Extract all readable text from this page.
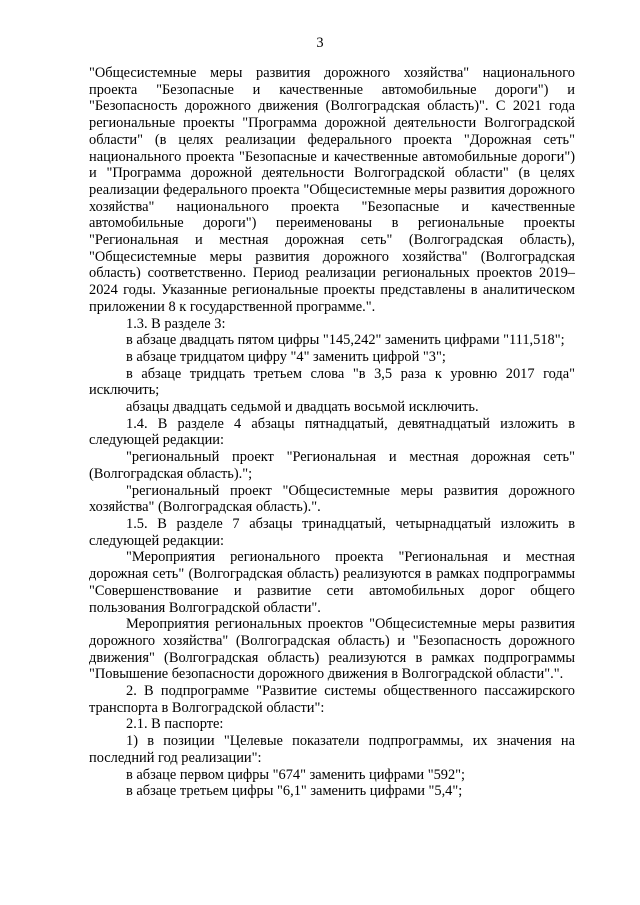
3

"Общесистемные меры развития дорожного хозяйства" национального проекта "Безопасные и качественные автомобильные дороги") и "Безопасность дорожного движения (Волгоградская область)". С 2021 года региональные проекты "Программа дорожной деятельности Волгоградской области" (в целях реализации федерального проекта "Дорожная сеть" национального проекта "Безопасные и качественные автомобильные дороги") и "Программа дорожной деятельности Волгоградской области" (в целях реализации федерального проекта "Общесистемные меры развития дорожного хозяйства" национального проекта "Безопасные и качественные автомобильные дороги") переименованы в региональные проекты "Региональная и местная дорожная сеть" (Волгоградская область), "Общесистемные меры развития дорожного хозяйства" (Волгоградская область) соответственно. Период реализации региональных проектов 2019–2024 годы. Указанные региональные проекты представлены в аналитическом приложении 8 к государственной программе.".

1.3. В разделе 3:

в абзаце двадцать пятом цифры "145,242" заменить цифрами "111,518";

в абзаце тридцатом цифру "4" заменить цифрой "3";

в абзаце тридцать третьем слова "в 3,5 раза к уровню 2017 года" исключить;

абзацы двадцать седьмой и двадцать восьмой исключить.

1.4. В разделе 4 абзацы пятнадцатый, девятнадцатый изложить в следующей редакции:

"региональный проект "Региональная и местная дорожная сеть" (Волгоградская область).";

"региональный проект "Общесистемные меры развития дорожного хозяйства" (Волгоградская область).".

1.5. В разделе 7 абзацы тринадцатый, четырнадцатый изложить в следующей редакции:

"Мероприятия регионального проекта "Региональная и местная дорожная сеть" (Волгоградская область) реализуются в рамках подпрограммы "Совершенствование и развитие сети автомобильных дорог общего пользования Волгоградской области".

Мероприятия региональных проектов "Общесистемные меры развития дорожного хозяйства" (Волгоградская область) и "Безопасность дорожного движения" (Волгоградская область) реализуются в рамках подпрограммы "Повышение безопасности дорожного движения в Волгоградской области".".

2. В подпрограмме "Развитие системы общественного пассажирского транспорта в Волгоградской области":

2.1. В паспорте:

1) в позиции "Целевые показатели подпрограммы, их значения на последний год реализации":

в абзаце первом цифры "674" заменить цифрами "592";

в абзаце третьем цифры "6,1" заменить цифрами "5,4";
